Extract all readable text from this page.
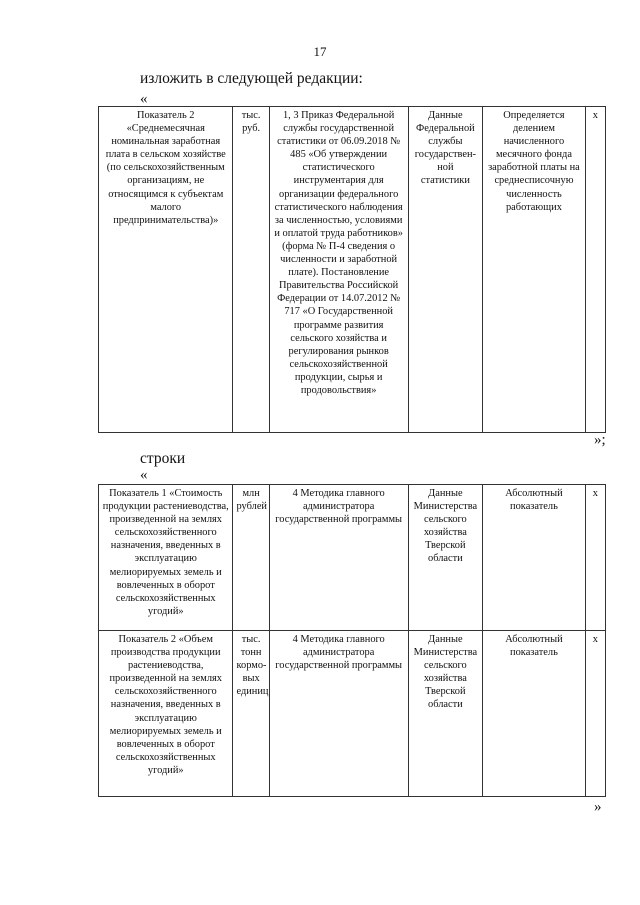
17
изложить в следующей редакции:
«
Показатель 2 «Среднемесячная номинальная заработная плата в сельском хозяйстве (по сельскохозяйственным организациям, не относящимся к субъектам малого предпринимательства)»	тыс. руб.	1, 3 Приказ Федеральной службы государственной статистики от 06.09.2018 № 485 «Об утверждении статистического инструментария для организации федерального статистического наблюдения за численностью, условиями и оплатой труда работников» (форма № П-4 сведения о численности и заработной плате). Постановление Правительства Российской Федерации от 14.07.2012 № 717 «О Государственной программе развития сельского хозяйства и регулирования рынков сельскохозяйственной продукции, сырья и продовольствия»	Данные Федеральной службы государствен-ной статистики	Определяется делением начисленного месячного фонда заработной платы на среднесписочную численность работающих	х
»;
строки
«
Показатель 1 «Стоимость продукции растениеводства, произведенной на землях сельскохозяйственного назначения, введенных в эксплуатацию мелиорируемых земель и вовлеченных в оборот сельскохозяйственных угодий»	млн рублей	4 Методика главного администратора государственной программы	Данные Министерства сельского хозяйства Тверской области	Абсолютный показатель	х
Показатель 2 «Объем производства продукции растениеводства, произведенной на землях сельскохозяйственного назначения, введенных в эксплуатацию мелиорируемых земель и вовлеченных в оборот сельскохозяйственных угодий»	тыс. тонн кормо-вых единиц	4 Методика главного администратора государственной программы	Данные Министерства сельского хозяйства Тверской области	Абсолютный показатель	х
»
